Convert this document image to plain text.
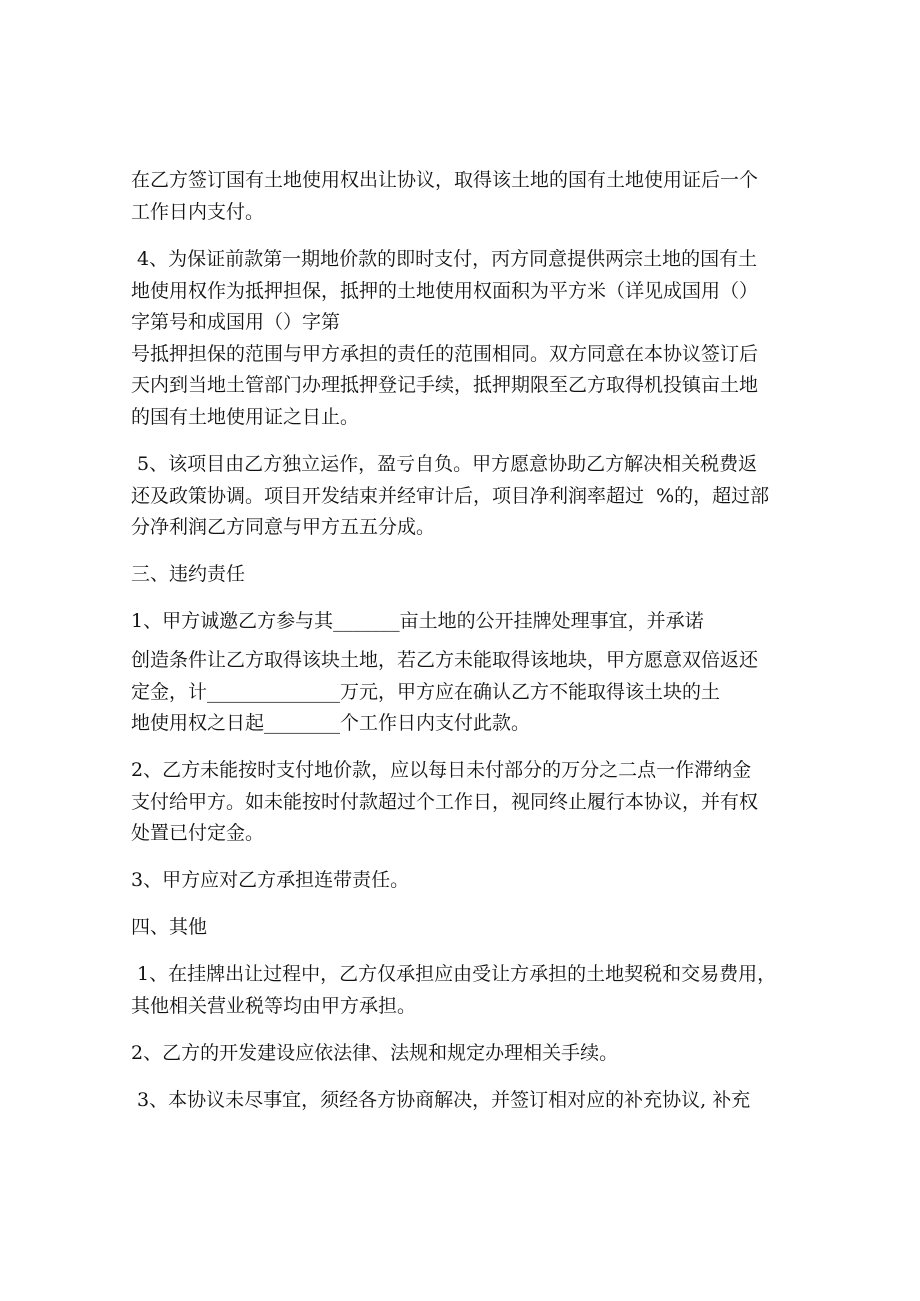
在乙方签订国有土地使用权出让协议，取得该土地的国有土地使用证后一个
工作日内支付。
4、为保证前款第一期地价款的即时支付，丙方同意提供两宗土地的国有土
地使用权作为抵押担保，抵押的土地使用权面积为平方米（详见成国用（）
字第号和成国用（）字第
号抵押担保的范围与甲方承担的责任的范围相同。双方同意在本协议签订后
天内到当地土管部门办理抵押登记手续，抵押期限至乙方取得机投镇亩土地
的国有土地使用证之日止。
5、该项目由乙方独立运作，盈亏自负。甲方愿意协助乙方解决相关税费返
还及政策协调。项目开发结束并经审计后，项目净利润率超过  %的，超过部
分净利润乙方同意与甲方五五分成。
三、违约责任
1、甲方诚邀乙方参与其_______亩土地的公开挂牌处理事宜，并承诺
创造条件让乙方取得该块土地，若乙方未能取得该地块，甲方愿意双倍返还
定金，计______________万元，甲方应在确认乙方不能取得该土块的土
地使用权之日起________个工作日内支付此款。
2、乙方未能按时支付地价款，应以每日未付部分的万分之二点一作滞纳金
支付给甲方。如未能按时付款超过个工作日，视同终止履行本协议，并有权
处置已付定金。
3、甲方应对乙方承担连带责任。
四、其他
1、在挂牌出让过程中，乙方仅承担应由受让方承担的土地契税和交易费用，
其他相关营业税等均由甲方承担。
2、乙方的开发建设应依法律、法规和规定办理相关手续。
3、本协议未尽事宜，须经各方协商解决，并签订相对应的补充协议, 补充
